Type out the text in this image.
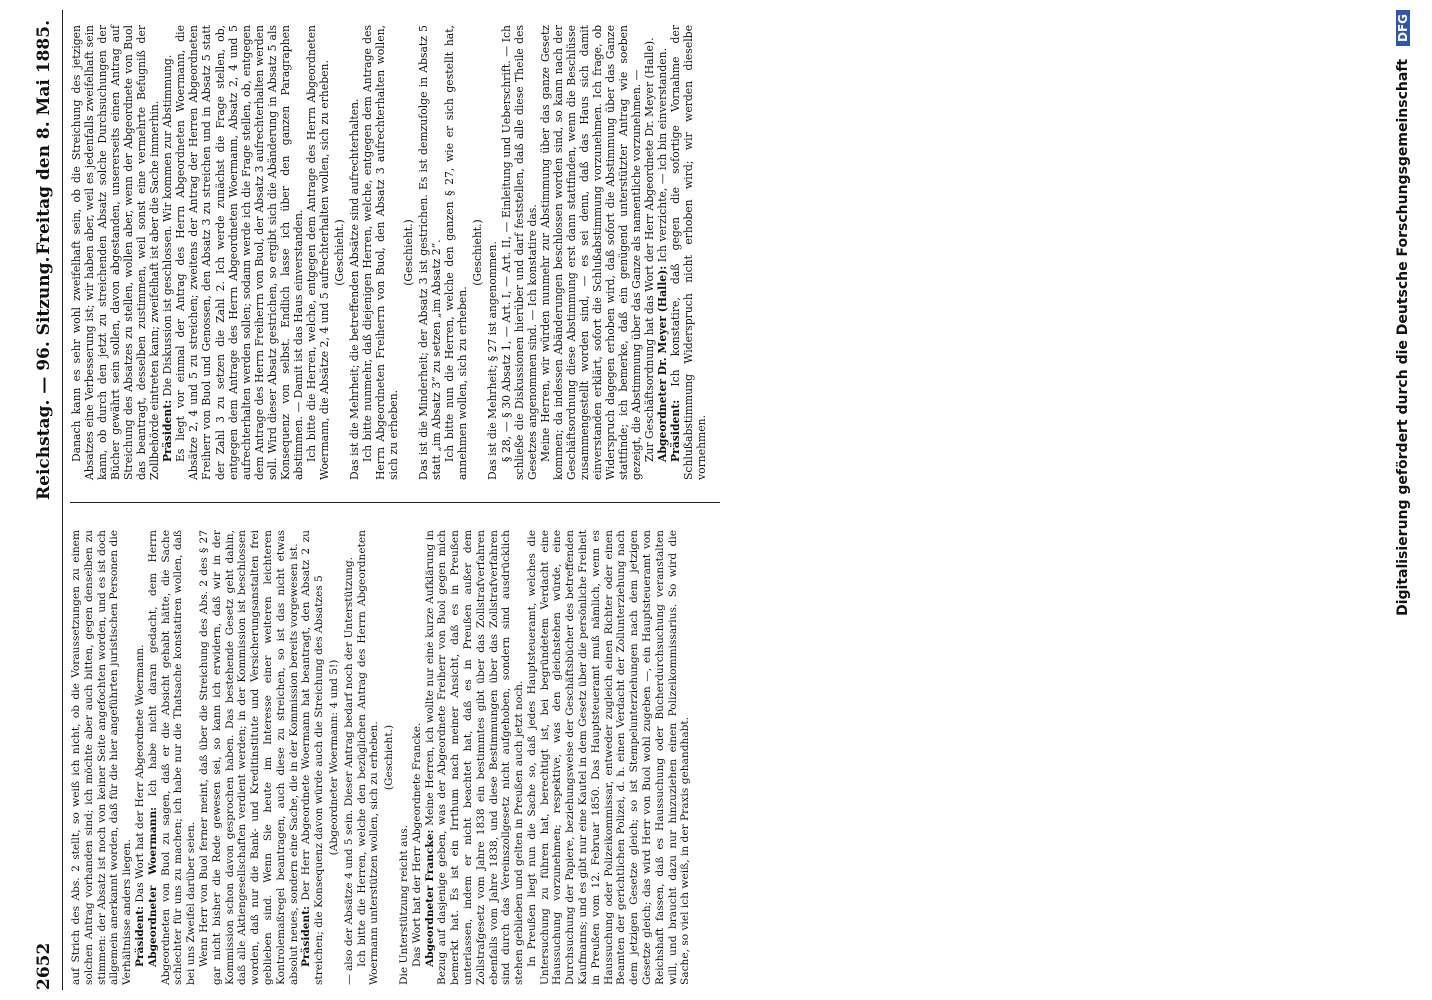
2652
Reichstag. — 96. Sitzung.
Freitag den 8. Mai 1885.

auf Strich des Abs. 2 stellt, so weiß ich nicht, ob die Voraussetzungen zu einem solchen Antrag vorhanden sind; ich möchte aber auch bitten, gegen denselben zu stimmen: der Absatz ist noch von keiner Seite angefochten worden, und es ist doch allgemein anerkannt worden, daß für die hier angeführten juristischen Personen die Verhältnisse anders liegen. Präsident: Das Wort hat der Herr Abgeordnete Woermann. Abgeordneter Woermann: Ich habe nicht daran gedacht, dem Herrn Abgeordneten von Buol zu sagen, daß er die Absicht gehabt hätte, die Sache schlechter für uns zu machen; ich habe nur die Thatsache konstatiren wollen, daß bei uns Zweifel darüber seien. Wenn Herr von Buol ferner meint, daß über die Streichung des Abs. 2 des § 27 gar nicht bisher die Rede gewesen sei, so kann ich erwidern, daß wir in der Kommission schon davon gesprochen haben. Das bestehende Gesetz geht dahin, daß alle Aktiengesellschaften verdient werden; in der Kommission ist beschlossen worden, daß nur die Bank- und Kreditinstitute und Versicherungsanstalten frei geblieben sind. Wenn Sie heute im Interesse einer weiteren leichteren Kontrolemaßregel beantragen, auch diese zu streichen, so ist das nicht etwas absolut neues, sondern eine Sache, die in der Kommission bereits vorgewesen ist. Präsident: Der Herr Abgeordnete Woermann hat beantragt, den Absatz 2 zu streichen; die Konsequenz davon würde auch die Streichung des Absatzes 5 (Abgeordneter Woermann: 4 und 5!) — also der Absätze 4 und 5 sein. Dieser Antrag bedarf noch der Unterstützung. Ich bitte die Herren, welche den bezüglichen Antrag des Herrn Abgeordneten Woermann unterstützen wollen, sich zu erheben. (Geschieht.)

Die Unterstützung reicht aus. Das Wort hat der Herr Abgeordnete Francke. Abgeordneter Francke: Meine Herren, ich wollte nur eine kurze Aufklärung in Bezug auf dasjenige geben, was der Abgeordnete Freiherr von Buol gegen mich bemerkt hat. Es ist ein Irrthum nach meiner Ansicht, daß es in Preußen unterlassen, indem er nicht beachtet hat, daß es in Preußen außer dem Zollstrafgesetz vom Jahre 1838 ein bestimmtes gibt über das Zollstrafverfahren ebenfalls vom Jahre 1838, und diese Bestimmungen über das Zollstrafverfahren sind durch das Vereinszollgesetz nicht aufgehoben, sondern sind ausdrücklich stehen geblieben und gelten in Preußen auch jetzt noch. In Preußen liegt nun die Sache so, daß jedes Hauptsteueramt, welches die Untersuchung zu führen hat, berechtigt ist, bei begründetem Verdacht eine Haussuchung vorzunehmen; respektive, was den gleichstehen würde, eine Durchsuchung der Papiere, beziehungsweise der Geschäftsbücher des betreffenden Kaufmanns; und es gibt nur eine Kautel in dem Gesetz über die persönliche Freiheit in Preußen vom 12. Februar 1850. Das Hauptsteueramt muß nämlich, wenn es Haussuchung oder Polizeikommissar, entweder zugleich einen Richter oder einen Beamten der gerichtlichen Polizei, d. h. einen Verdacht der Zollunterziehung nach dem jetzigen Gesetze gleich; so ist Stempelunterziehungen nach dem jetzigen Gesetze gleich; das wird Herr von Buol wohl zugeben —, ein Hauptsteueramt von Reichshaft fassen, daß es Haussuchung oder Bücherdurchsuchung veranstalten will, und braucht dazu nur hinzuziehen einen Polizeikommissarius. So wird die Sache, so viel ich weiß, in der Praxis gehandhabt.

Danach kann es sehr wohl zweifelhaft sein, ob die Streichung des jetzigen Absatzes eine Verbesserung ist; wir haben aber, weil es jedenfalls zweifelhaft sein kann, ob durch den jetzt zu streichenden Absatz solche Durchsuchungen der Bücher gewährt sein sollen, davon abgestanden, unsererseits einen Antrag auf Streichung des Absatzes zu stellen, wollen aber, wenn der Abgeordnete von Buol das beantragt, desselben zustimmen, weil sonst eine vermehrte Befugniß der Zollbehörde eintreten kann; zweifelhaft ist aber die Sache immerhin. Präsident: Die Diskussion ist geschlossen. Wir kommen zur Abstimmung. Es liegt vor einmal der Antrag des Herrn Abgeordneten Woermann, die Absätze 2, 4 und 5 zu streichen; zweitens der Antrag der Herren Abgeordneten Freiherr von Buol und Genossen, den Absatz 3 zu streichen und in Absatz 5 statt der Zahl 3 zu setzen die Zahl 2. Ich werde zunächst die Frage stellen, ob, entgegen dem Antrage des Herrn Abgeordneten Woermann, Absatz 2, 4 und 5 aufrechterhalten werden sollen; sodann werde ich die Frage stellen, ob, entgegen dem Antrage des Herrn Freiherrn von Buol, der Absatz 3 aufrechterhalten werden soll. Wird dieser Absatz gestrichen, so ergibt sich die Abänderung in Absatz 5 als Konsequenz von selbst. Endlich lasse ich über den ganzen Paragraphen abstimmen. — Damit ist das Haus einverstanden. Ich bitte die Herren, welche, entgegen dem Antrage des Herrn Abgeordneten Woermann, die Absätze 2, 4 und 5 aufrechterhalten wollen, sich zu erheben. (Geschieht.) Das ist die Mehrheit; die betreffenden Absätze sind aufrechterhalten. Ich bitte nunmehr, daß diejenigen Herren, welche, entgegen dem Antrage des Herrn Abgeordneten Freiherrn von Buol, den Absatz 3 aufrechterhalten wollen, sich zu erheben.

(Geschieht.) Das ist die Minderheit; der Absatz 3 ist gestrichen. Es ist demzufolge in Absatz 5 statt „im Absatz 3“ zu setzen „im Absatz 2“. Ich bitte nun die Herren, welche den ganzen § 27, wie er sich gestellt hat, annehmen wollen, sich zu erheben.

(Geschieht.) Das ist die Mehrheit; § 27 ist angenommen. § 28, — § 30 Absatz 1, — Art. I, — Art. II, — Einleitung und Ueberschrift. — Ich schließe die Diskussionen hierüber und darf feststellen, daß alle diese Theile des Gesetzes angenommen sind. — Ich konstatire das. Meine Herren, wir würden nunmehr zur Abstimmung über das ganze Gesetz kommen; da indessen Abänderungen beschlossen worden sind, so kann nach der Geschäftsordnung diese Abstimmung erst dann stattfinden, wenn die Beschlüsse zusammengestellt worden sind, — es sei denn, daß das Haus sich damit einverstanden erklärt, sofort die Schlußabstimmung vorzunehmen. Ich frage, ob Widerspruch dagegen erhoben wird, daß sofort die Abstimmung über das Ganze stattfinde; ich bemerke, daß ein genügend unterstützter Antrag wie soeben gezeigt, die Abstimmung über das Ganze als namentliche vorzunehmen. — Zur Geschäftsordnung hat das Wort der Herr Abgeordnete Dr. Meyer (Halle). Abgeordneter Dr. Meyer (Halle): Ich verzichte, — ich bin einverstanden.

Präsident: Ich konstatire, daß gegen die sofortige Vornahme der Schlußabstimmung Widerspruch nicht erhoben wird; wir werden dieselbe vornehmen.	Digitalisierung gefördert durch die Deutsche Forschungsgemeinschaft DFG
